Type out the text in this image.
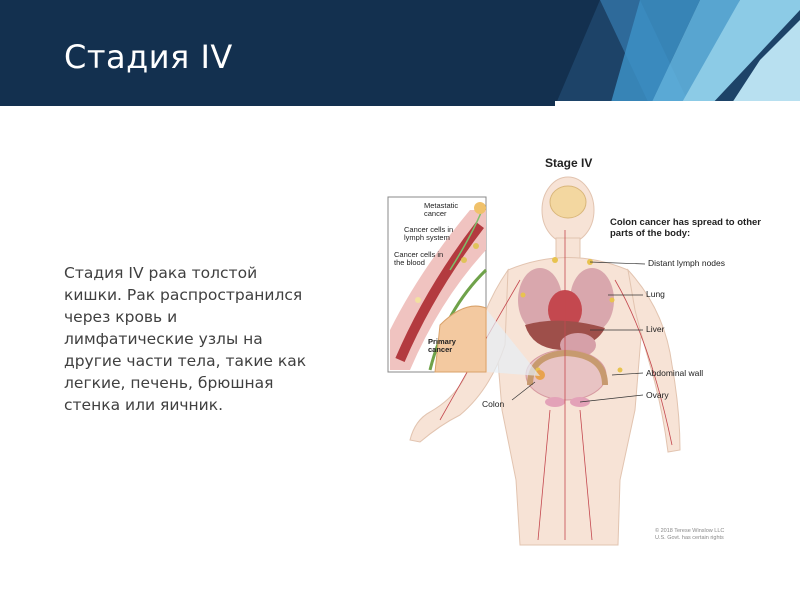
Стадия IV
Стадия IV рака толстой кишки. Рак распространился через кровь и лимфатические узлы на другие части тела, такие как легкие, печень, брюшная стенка или яичник.
Stage IV
Colon cancer has spread to other parts of the body:
Distant lymph nodes
Lung
Liver
Abdominal wall
Ovary
Colon
Metastatic cancer
Cancer cells in lymph system
Cancer cells in the blood
Primary cancer
© 2018 Terese Winslow LLC
U.S. Govt. has certain rights
